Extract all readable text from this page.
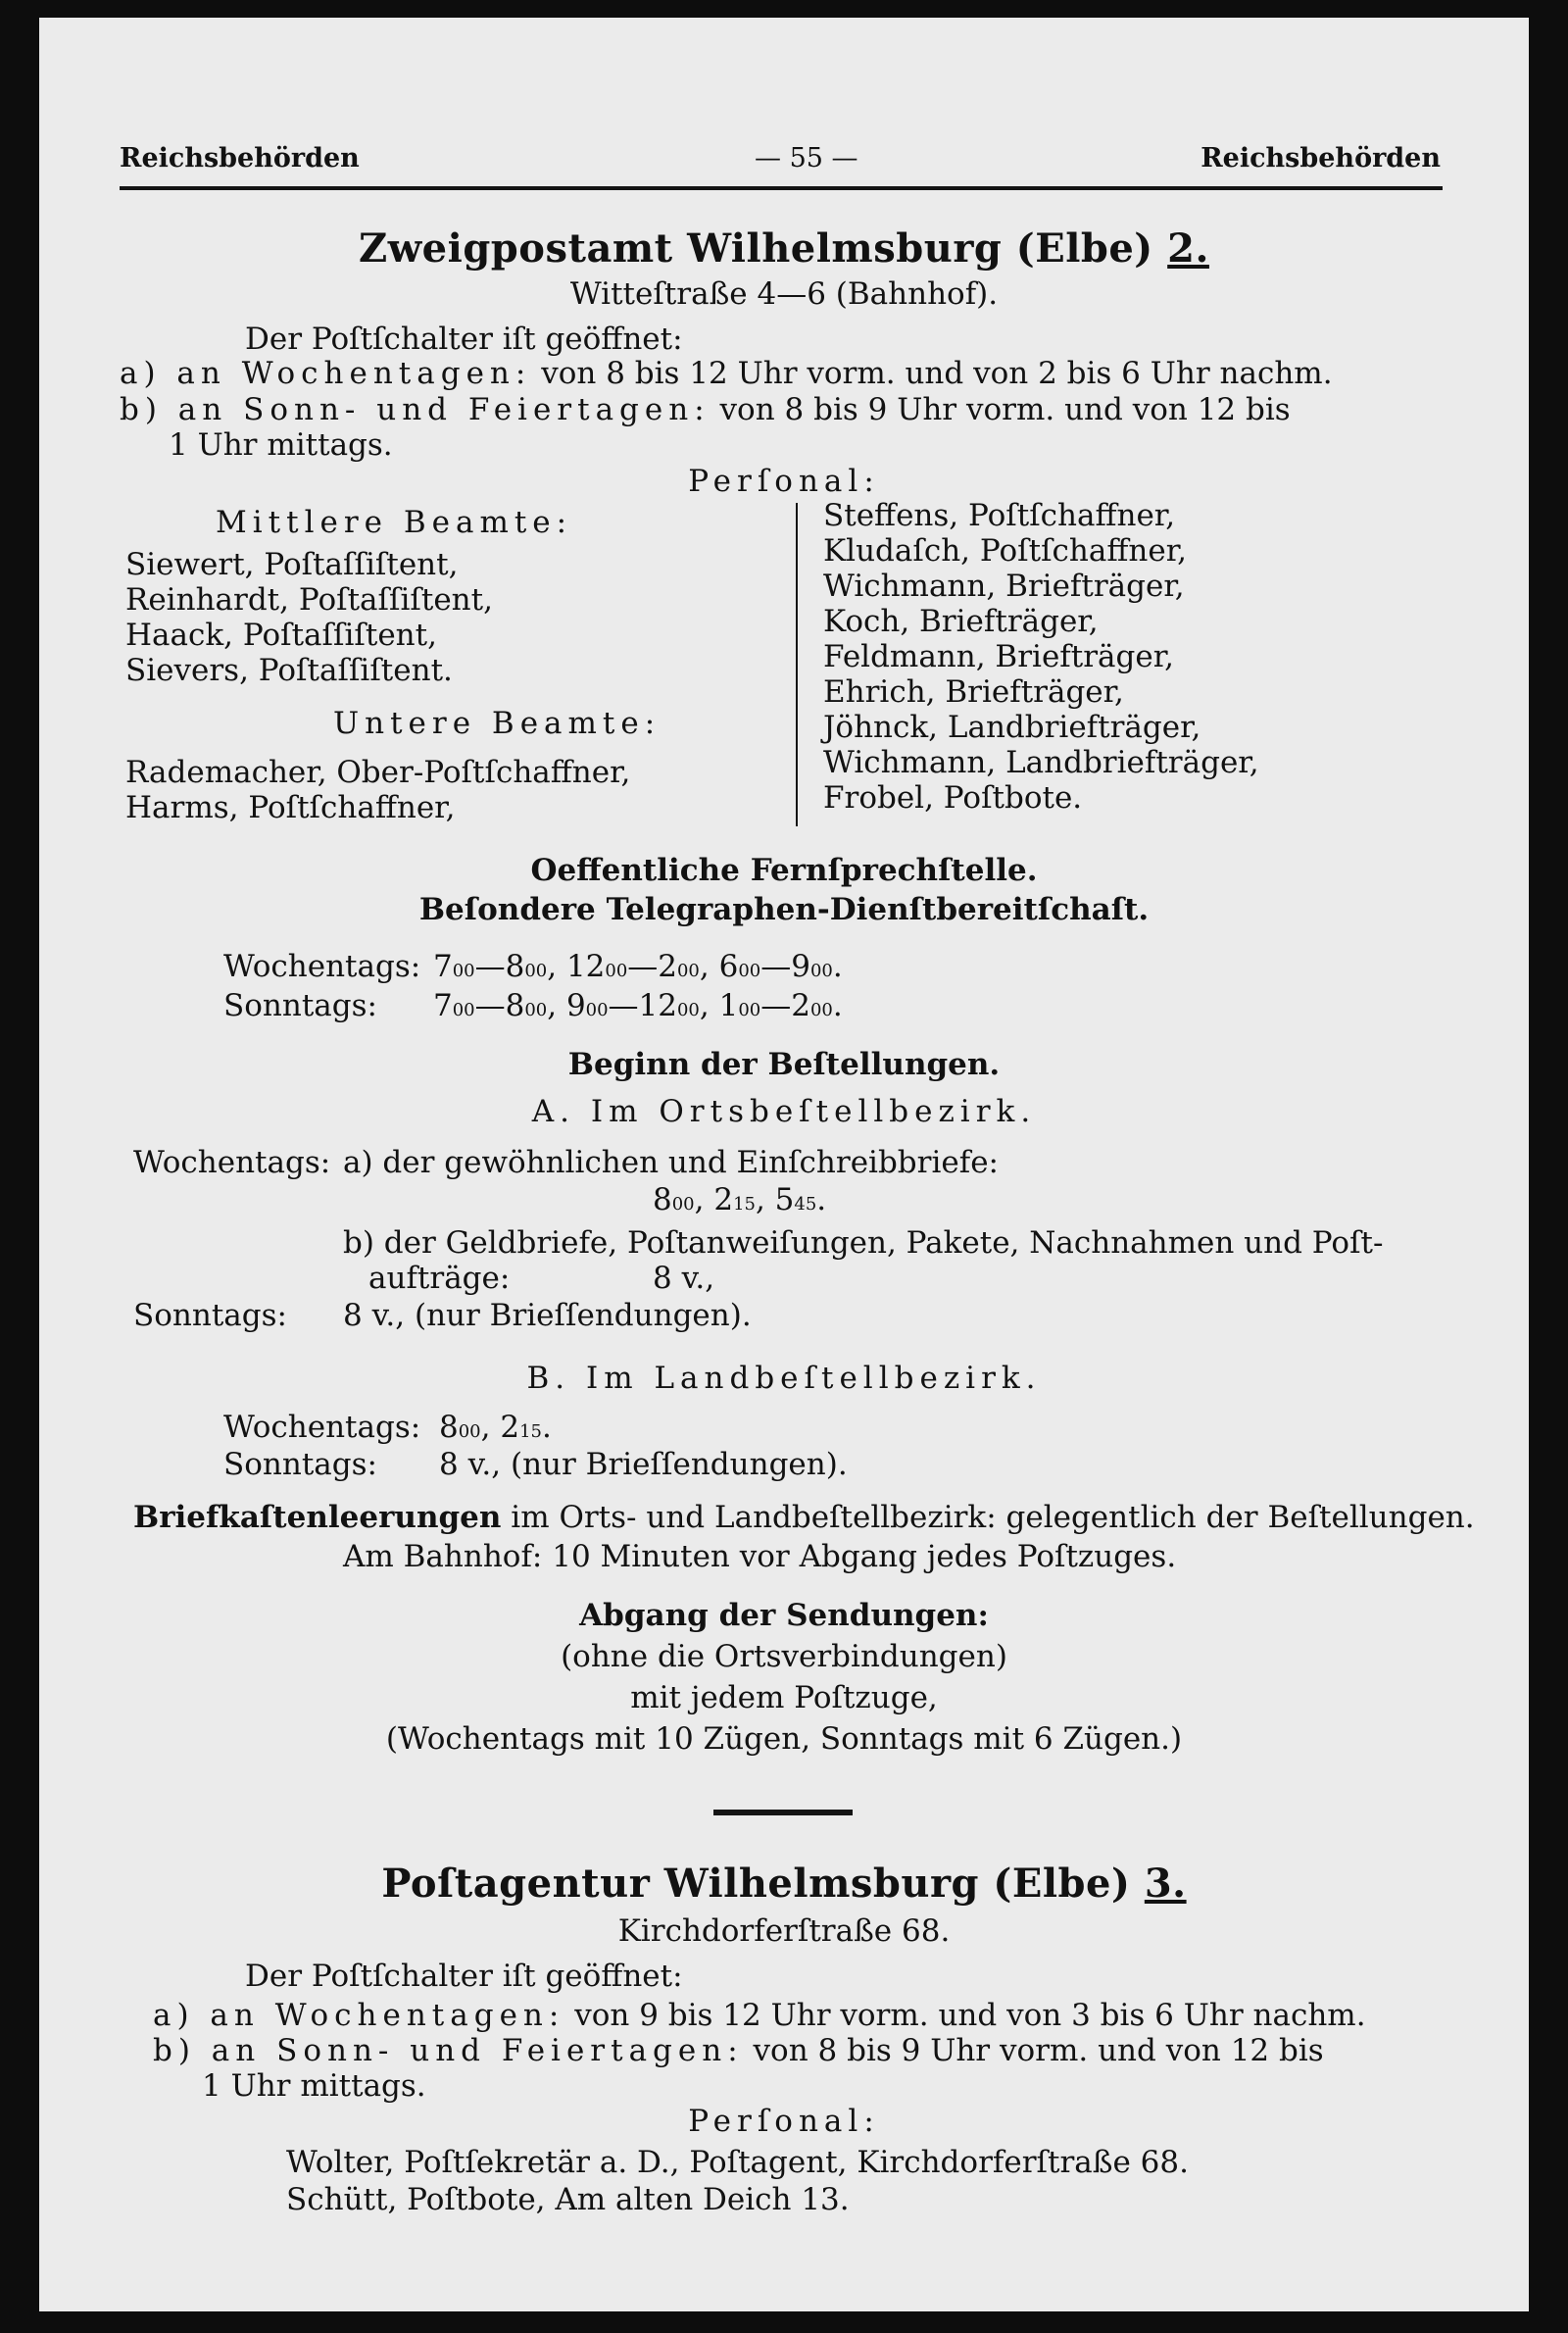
Reichsbehörden	— 55 —	Reichsbehörden
Zweigpostamt Wilhelmsburg (Elbe) 2.
Witteſtraße 4—6 (Bahnhof).
Der Poſtſchalter iſt geöffnet:
a) an Wochentagen: von 8 bis 12 Uhr vorm. und von 2 bis 6 Uhr nachm.
b) an Sonn- und Feiertagen: von 8 bis 9 Uhr vorm. und von 12 bis
1 Uhr mittags.
Perſonal:
Mittlere Beamte:
Siewert, Poſtaſſiſtent,
Reinhardt, Poſtaſſiſtent,
Haack, Poſtaſſiſtent,
Sievers, Poſtaſſiſtent.
Untere Beamte:
Rademacher, Ober-Poſtſchaffner,
Harms, Poſtſchaffner,
Steffens, Poſtſchaffner,
Kludaſch, Poſtſchaffner,
Wichmann, Briefträger,
Koch, Briefträger,
Feldmann, Briefträger,
Ehrich, Briefträger,
Jöhnck, Landbriefträger,
Wichmann, Landbriefträger,
Frobel, Poſtbote.
Oeffentliche Fernſprechſtelle.
Beſondere Telegraphen-Dienſtbereitſchaſt.
Wochentags: $7^{00}—8^{00}$, $12^{00}—2^{00}$, $6^{00}—9^{00}$.
Sonntags: $7^{00}—8^{00}$, $9^{00}—12^{00}$, $1^{00}—2^{00}$.
Beginn der Beſtellungen.
A. Im Ortsbeſtellbezirk.
Wochentags: a) der gewöhnlichen und Einſchreibbriefe:
$8^{00}$, $2^{15}$, $5^{45}$.
b) der Geldbriefe, Poſtanweiſungen, Pakete, Nachnahmen und Poſt-
aufträge:	8 v.,
Sonntags: 8 v., (nur Brieſſendungen).
B. Im Landbeſtellbezirk.
Wochentags: $8^{00}$, $2^{15}$.
Sonntags: 8 v., (nur Brieſſendungen).
Briefkaſtenleerungen im Orts- und Landbeſtellbezirk: gelegentlich der Beſtellungen.
Am Bahnhof: 10 Minuten vor Abgang jedes Poſtzuges.
Abgang der Sendungen:
(ohne die Ortsverbindungen)
mit jedem Poſtzuge,
(Wochentags mit 10 Zügen, Sonntags mit 6 Zügen.)
Poſtagentur Wilhelmsburg (Elbe) 3.
Kirchdorferſtraße 68.
Der Poſtſchalter iſt geöffnet:
a) an Wochentagen: von 9 bis 12 Uhr vorm. und von 3 bis 6 Uhr nachm.
b) an Sonn- und Feiertagen: von 8 bis 9 Uhr vorm. und von 12 bis
1 Uhr mittags.
Perſonal:
Wolter, Poſtſekretär a. D., Poſtagent, Kirchdorferſtraße 68.
Schütt, Poſtbote, Am alten Deich 13.
